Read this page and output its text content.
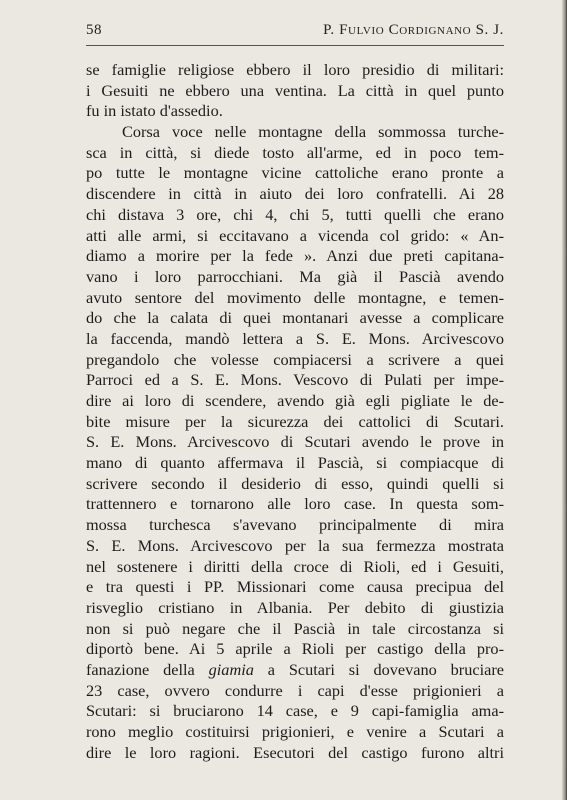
58	P. Fulvio Cordignano S. J.
se famiglie religiose ebbero il loro presidio di militari:
i Gesuiti ne ebbero una ventina. La città in quel punto
fu in istato d'assedio.
Corsa voce nelle montagne della sommossa turche-
sca in città, si diede tosto all'arme, ed in poco tem-
po tutte le montagne vicine cattoliche erano pronte a
discendere in città in aiuto dei loro confratelli. Ai 28
chi distava 3 ore, chi 4, chi 5, tutti quelli che erano
atti alle armi, si eccitavano a vicenda col grido: « An-
diamo a morire per la fede ». Anzi due preti capitana-
vano i loro parrocchiani. Ma già il Pascià avendo
avuto sentore del movimento delle montagne, e temen-
do che la calata di quei montanari avesse a complicare
la faccenda, mandò lettera a S. E. Mons. Arcivescovo
pregandolo che volesse compiacersi a scrivere a quei
Parroci ed a S. E. Mons. Vescovo di Pulati per impe-
dire ai loro di scendere, avendo già egli pigliate le de-
bite misure per la sicurezza dei cattolici di Scutari.
S. E. Mons. Arcivescovo di Scutari avendo le prove in
mano di quanto affermava il Pascià, si compiacque di
scrivere secondo il desiderio di esso, quindi quelli si
trattennero e tornarono alle loro case. In questa som-
mossa turchesca s'avevano principalmente di mira
S. E. Mons. Arcivescovo per la sua fermezza mostrata
nel sostenere i diritti della croce di Rioli, ed i Gesuiti,
e tra questi i PP. Missionari come causa precipua del
risveglio cristiano in Albania. Per debito di giustizia
non si può negare che il Pascià in tale circostanza si
diportò bene. Ai 5 aprile a Rioli per castigo della pro-
fanazione della giamia a Scutari si dovevano bruciare
23 case, ovvero condurre i capi d'esse prigionieri a
Scutari: si bruciarono 14 case, e 9 capi-famiglia ama-
rono meglio costituirsi prigionieri, e venire a Scutari a
dire le loro ragioni. Esecutori del castigo furono altri
